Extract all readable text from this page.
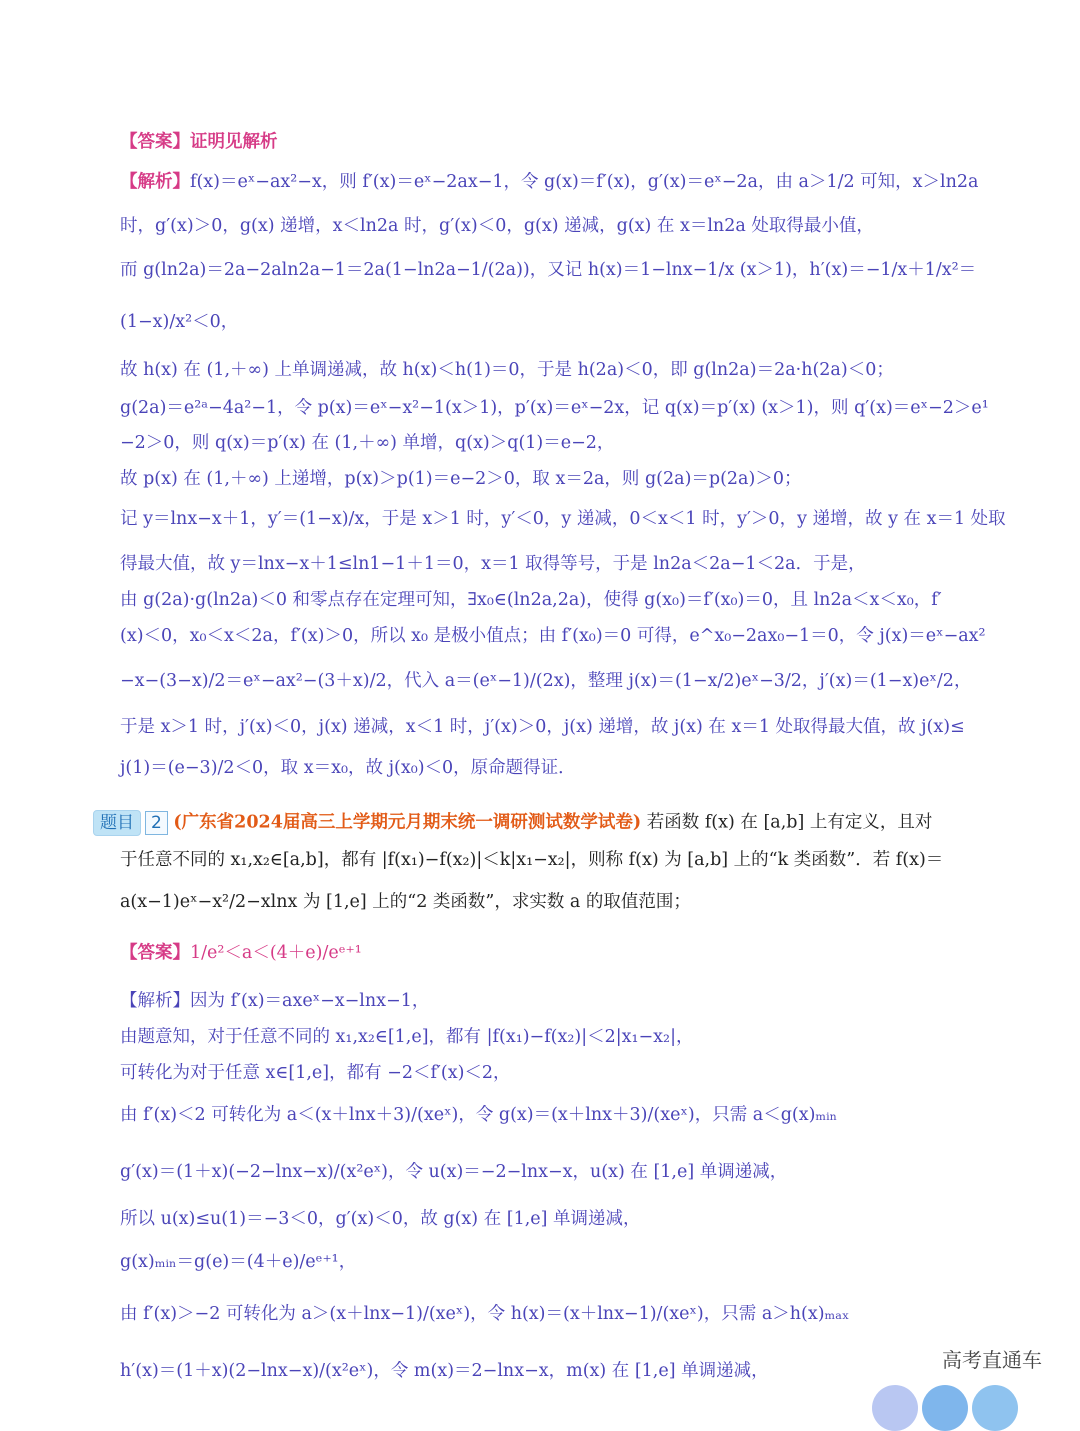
【答案】证明见解析
【解析】f(x)＝eˣ−ax²−x，则 f′(x)＝eˣ−2ax−1，令 g(x)＝f′(x)，g′(x)＝eˣ−2a，由 a＞1/2 可知，x＞ln2a
时，g′(x)＞0，g(x) 递增，x＜ln2a 时，g′(x)＜0，g(x) 递减，g(x) 在 x＝ln2a 处取得最小值，
而 g(ln2a)＝2a−2aln2a−1＝2a(1−ln2a−1/(2a))，又记 h(x)＝1−lnx−1/x (x＞1)，h′(x)＝−1/x＋1/x²＝
(1−x)/x²＜0，
故 h(x) 在 (1,＋∞) 上单调递减，故 h(x)＜h(1)＝0，于是 h(2a)＜0，即 g(ln2a)＝2a·h(2a)＜0；
g(2a)＝e²ᵃ−4a²−1，令 p(x)＝eˣ−x²−1(x＞1)，p′(x)＝eˣ−2x，记 q(x)＝p′(x) (x＞1)，则 q′(x)＝eˣ−2＞e¹
−2＞0，则 q(x)＝p′(x) 在 (1,＋∞) 单增，q(x)＞q(1)＝e−2，
故 p(x) 在 (1,＋∞) 上递增，p(x)＞p(1)＝e−2＞0，取 x＝2a，则 g(2a)＝p(2a)＞0；
记 y＝lnx−x＋1，y′＝(1−x)/x，于是 x＞1 时，y′＜0，y 递减，0＜x＜1 时，y′＞0，y 递增，故 y 在 x＝1 处取
得最大值，故 y＝lnx−x＋1≤ln1−1＋1＝0，x＝1 取得等号，于是 ln2a＜2a−1＜2a．于是，
由 g(2a)·g(ln2a)＜0 和零点存在定理可知，∃x₀∈(ln2a,2a)，使得 g(x₀)＝f′(x₀)＝0，且 ln2a＜x＜x₀，f′
(x)＜0，x₀＜x＜2a，f′(x)＞0，所以 x₀ 是极小值点；由 f′(x₀)＝0 可得，e^x₀−2ax₀−1＝0，令 j(x)＝eˣ−ax²
−x−(3−x)/2＝eˣ−ax²−(3＋x)/2，代入 a＝(eˣ−1)/(2x)，整理 j(x)＝(1−x/2)eˣ−3/2，j′(x)＝(1−x)eˣ/2，
于是 x＞1 时，j′(x)＜0，j(x) 递减，x＜1 时，j′(x)＞0，j(x) 递增，故 j(x) 在 x＝1 处取得最大值，故 j(x)≤
j(1)＝(e−3)/2＜0，取 x＝x₀，故 j(x₀)＜0，原命题得证．
题目 2 (广东省2024届高三上学期元月期末统一调研测试数学试卷) 若函数 f(x) 在 [a,b] 上有定义，且对
于任意不同的 x₁,x₂∈[a,b]，都有 |f(x₁)−f(x₂)|＜k|x₁−x₂|，则称 f(x) 为 [a,b] 上的“k 类函数”．若 f(x)＝
a(x−1)eˣ−x²/2−xlnx 为 [1,e] 上的“2 类函数”，求实数 a 的取值范围；
【答案】1/e²＜a＜(4＋e)/eᵉ⁺¹
【解析】因为 f′(x)＝axeˣ−x−lnx−1，
由题意知，对于任意不同的 x₁,x₂∈[1,e]，都有 |f(x₁)−f(x₂)|＜2|x₁−x₂|，
可转化为对于任意 x∈[1,e]，都有 −2＜f′(x)＜2，
由 f′(x)＜2 可转化为 a＜(x＋lnx＋3)/(xeˣ)，令 g(x)＝(x＋lnx＋3)/(xeˣ)，只需 a＜g(x)ₘᵢₙ
g′(x)＝(1＋x)(−2−lnx−x)/(x²eˣ)，令 u(x)＝−2−lnx−x，u(x) 在 [1,e] 单调递减，
所以 u(x)≤u(1)＝−3＜0，g′(x)＜0，故 g(x) 在 [1,e] 单调递减，
g(x)ₘᵢₙ＝g(e)＝(4＋e)/eᵉ⁺¹，
由 f′(x)＞−2 可转化为 a＞(x＋lnx−1)/(xeˣ)，令 h(x)＝(x＋lnx−1)/(xeˣ)，只需 a＞h(x)ₘₐₓ
h′(x)＝(1＋x)(2−lnx−x)/(x²eˣ)，令 m(x)＝2−lnx−x，m(x) 在 [1,e] 单调递减，	高考直通车
